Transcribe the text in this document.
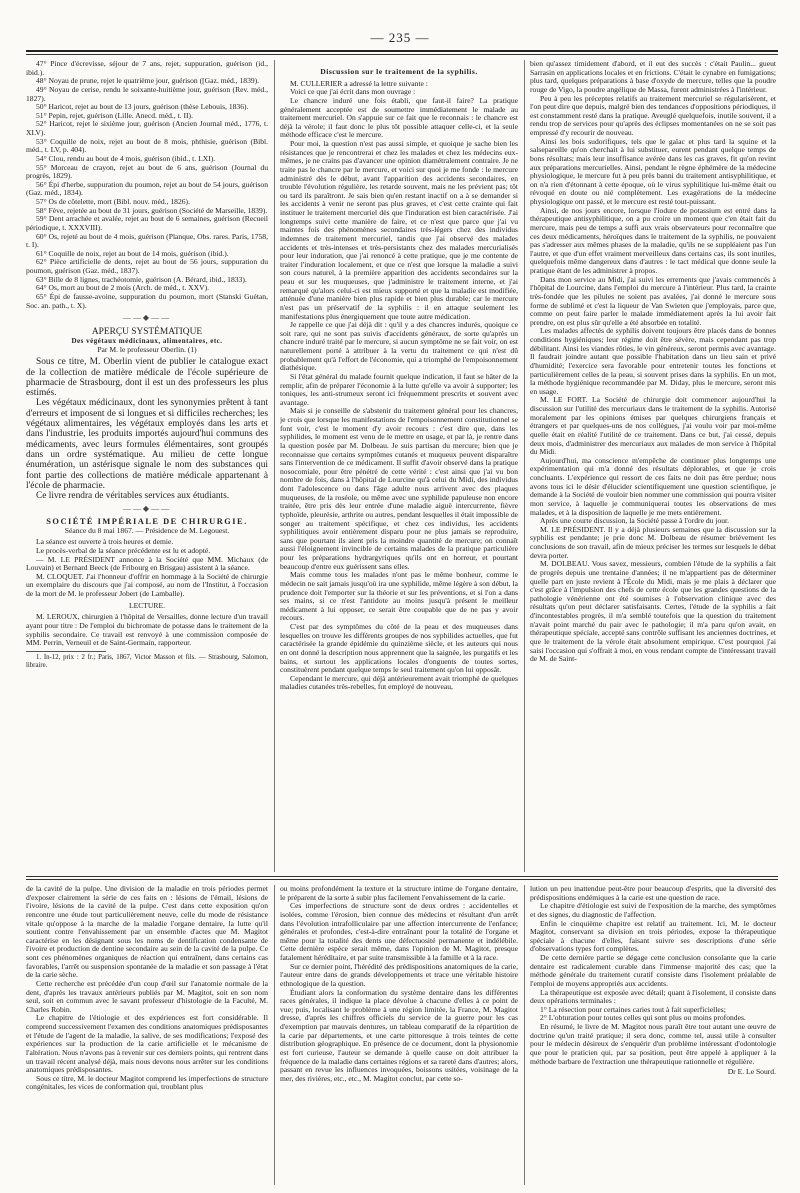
— 235 —

47° Pince d'écrevisse, séjour de 7 ans, rejet, suppuration, guérison (id., ibid.).

48° Noyau de prune, rejet le quatrième jour, guérison ([Gaz. méd., 1839).

49° Noyau de cerise, rendu le soixante-huitième jour, guérison (Rev. méd., 1827).

50° Haricot, rejet au bout de 13 jours, guérison (thèse Lebouis, 1836).

51° Pepin, rejet, guérison (Lille. Anecd. méd., t. II).

52° Haricot, rejet le sixième jour, guérison (Ancien Journal méd., 1776, t. XLV).

53° Coquille de noix, rejet au bout de 8 mois, phthisie, guérison (Bibl. méd., t. LV, p. 404).

54° Clou, rendu au bout de 4 mois, guérison (ibid., t. LXI).

55° Morceau de crayon, rejet au bout de 6 ans, guérison (Journal du progrès, 1829).

56° Épi d'herbe, suppuration du poumon, rejet au bout de 54 jours, guérison (Gaz. méd., 1834).

57° Os de côtelette, mort (Bibl. nouv. méd., 1826).

58° Fève, rejetée au bout de 31 jours, guérison (Société de Marseille, 1839).

59° Dent arrachée et avalée, rejet au bout de 6 semaines, guérison (Recueil périodique, t. XXXVIII).

60° Os, rejeté au bout de 4 mois, guérison (Planque, Obs. rares. Paris, 1758, t. I).

61° Coquille de noix, rejet au bout de 14 mois, guérison (ibid.).

62° Pièce artificielle de dents, rejet au bout de 56 jours, suppuration du poumon, guérison (Gaz. méd., 1837).

63° Bille de 8 lignes, trachéotomie, guérison (A. Bérard, ibid., 1833).

64° Os, mort au bout de 2 mois (Arch. de méd., t. XXV).

65° Épi de fausse-avoine, suppuration du poumon, mort (Stanski Guétan, Soc. an. path., t. X).

——◆——

APERÇU SYSTÉMATIQUE

Des végétaux médicinaux, alimentaires, etc.

Par M. le professeur Oberlin. (1)

Sous ce titre, M. Oberlin vient de publier le catalogue exact de la collection de matière médicale de l'école supérieure de pharmacie de Strasbourg, dont il est un des professeurs les plus estimés.

Les végétaux médicinaux, dont les synonymies prêtent à tant d'erreurs et imposent de si longues et si difficiles recherches; les végétaux alimentaires, les végétaux employés dans les arts et dans l'industrie, les produits importés aujourd'hui communs des médicaments, avec leurs formules élémentaires, sont groupés dans un ordre systématique. Au milieu de cette longue énumération, un astérisque signale le nom des substances qui font partie des collections de matière médicale appartenant à l'école de pharmacie.

Ce livre rendra de véritables services aux étudiants.

——◆——

SOCIÉTÉ IMPÉRIALE DE CHIRURGIE.

Séance du 8 mai 1867. — Présidence de M. Legouest.

La séance est ouverte à trois heures et demie.

Le procès-verbal de la séance précédente est lu et adopté.

— M. LE PRÉSIDENT annonce à la Société que MM. Michaux (de Louvain) et Bernard Beeck (de Fribourg en Brisgau) assistent à la séance.

M. CLOQUET. J'ai l'honneur d'offrir en hommage à la Société de chirurgie un exemplaire du discours que j'ai composé, au nom de l'Institut, à l'occasion de la mort de M. le professeur Jobert (de Lamballe).

LECTURE.

M. LEROUX, chirurgien à l'hôpital de Versailles, donne lecture d'un travail ayant pour titre : De l'emploi du bichromate de potasse dans le traitement de la syphilis secondaire. Ce travail est renvoyé à une commission composée de MM. Perrin, Verneuil et de Saint-Germain, rapporteur.

1. In-12, prix : 2 fr.; Paris, 1867, Victor Masson et fils. — Strasbourg, Salomon, libraire.

Discussion sur le traitement de la syphilis.

M. CULLERIER a adressé la lettre suivante :

Voici ce que j'ai écrit dans mon ouvrage :

Le chancre induré une fois établi, que faut-il faire? La pratique généralement acceptée est de soumettre immédiatement le malade au traitement mercuriel. On s'appuie sur ce fait que le reconnais : le chancre est déjà la vérole; il faut donc le plus tôt possible attaquer celle-ci, et la seule méthode efficace c'est le mercure.

Pour moi, la question n'est pas aussi simple, et quoique je sache bien les résistances que je rencontrerai et chez les malades et chez les médecins eux-mêmes, je ne crains pas d'avancer une opinion diamétralement contraire. Je ne traite pas le chancre par le mercure, et voici sur quoi je me fonde : le mercure administré dès le début, avant l'apparition des accidents secondaires, en trouble l'évolution régulière, les retarde souvent, mais ne les prévient pas; tôt ou tard ils paraîtront. Je sais bien qu'en restant inactif on a à se demander si les accidents à venir ne seront pas plus graves, et c'est cette crainte qui fait instituer le traitement mercuriel dès que l'induration est bien caractérisée. J'ai longtemps suivi cette manière de faire, et ce n'est que parce que j'ai vu maintes fois des phénomènes secondaires très-légers chez des individus indemnes de traitement mercuriel, tandis que j'ai observé des malades accidents et très-intenses et très-persistants chez des malades mercurialisés pour leur induration, que j'ai renoncé à cette pratique, que je me contente de traiter l'induration localement, et que ce n'est que lorsque la maladie a suivi son cours naturel, à la première apparition des accidents secondaires sur la peau et sur les muqueuses, que j'administre le traitement interne, et j'ai remarqué qu'alors celui-ci est mieux supporté et que la maladie est modifiée, atténuée d'une manière bien plus rapide et bien plus durable; car le mercure n'est pas un préservatif de la syphilis : il en attaque seulement les manifestations plus énergiquement que toute autre médication.

Je rappelle ce que j'ai déjà dit : qu'il y a des chancres indurés, quoique ce soit rare, qui ne sont pas suivis d'accidents généraux, de sorte qu'après un chancre induré traité par le mercure, si aucun symptôme ne se fait voir, on est naturellement porté à attribuer à la vertu du traitement ce qui n'est dû probablement qu'à l'effort de l'économie, qui a triomphé de l'empoisonnement diathésique.

Si l'état général du malade fournit quelque indication, il faut se hâter de la remplir, afin de préparer l'économie à la lutte qu'elle va avoir à supporter; les toniques, les anti-strumeux seront ici fréquemment prescrits et souvent avec avantage.

Mais si je conseille de s'abstenir du traitement général pour les chancres, je crois que lorsque les manifestations de l'empoisonnement constitutionnel se font voir, c'est le moment d'y avoir recours : c'est dire que, dans les syphilides, le moment est venu de le mettre en usage, et par là, je rentre dans la question posée par M. Dolbeau. Je suis partisan du mercure; bien que je reconnaisse que certains symptômes cutanés et muqueux peuvent disparaître sans l'intervention de ce médicament. Il suffit d'avoir observé dans la pratique nosocomiale, pour être pénétré de cette vérité : c'est ainsi que j'ai vu bon nombre de fois, dans à l'hôpital de Lourcine qu'à celui du Midi, des individus dont l'adolescence ou dans l'âge adulte nous arrivent avec des plaques muqueuses, de la roséole, ou même avec une syphilide papuleuse non encore traitée, être pris dès leur entrée d'une maladie aiguë intercurrente, fièvre typhoïde, pleurésie, arthrite ou autres, pendant lesquelles il était impossible de songer au traitement spécifique, et chez ces individus, les accidents syphilitiques avoir entièrement disparu pour ne plus jamais se reproduire, sans que pourtant ils aient pris la moindre quantité de mercure; on connaît aussi l'éloignement invincible de certains malades de la pratique particulière pour les préparations hydrargyriques qu'ils ont en horreur, et pourtant beaucoup d'entre eux guérissent sans elles.

Mais comme tous les malades n'ont pas le même bonheur, comme le médecin ne sait jamais jusqu'où ira une syphilide, même légère à son début, la prudence doit l'emporter sur la théorie et sur les préventions, et si l'on a dans ses mains, si ce n'est l'antidote au moins jusqu'à présent le meilleur médicament à lui opposer, ce serait être coupable que de ne pas y avoir recours.

C'est par des symptômes du côté de la peau et des muqueuses dans lesquelles on trouve les différents groupes de nos syphilides actuelles, que fut caractérisée la grande épidémie du quinzième siècle, et les auteurs qui nous en ont donné la description nous apprennent que la saignée, les purgatifs et les bains, et surtout les applications locales d'onguents de toutes sortes, constituèrent pendant quelque temps le seul traitement qu'on lui opposât.

Cependant le mercure, qui déjà antérieurement avait triomphé de quelques maladies cutanées très-rebelles, fut employé de nouveau,

bien qu'assez timidement d'abord, et il eut des succès : c'était Paulin... gueut Sarrasin en applications locales et en frictions. C'était le cynabre en fumigations; plus tard, quelques préparations à base d'oxyde de mercure, telles que la poudre rouge de Vigo, la poudre angélique de Massa, furent administrées à l'intérieur.

Peu à peu les préceptes relatifs au traitement mercuriel se régularisèrent, et l'on peut dire que depuis, malgré bien des tendances d'oppositions périodiques, il est constamment resté dans la pratique. Aveuglé quelquefois, inutile souvent, il a rendu trop de services pour qu'après des éclipses momentanées on ne se soit pas empressé d'y recourir de nouveau.

Ainsi les bois sudorifiques, tels que le gaïac et plus tard la squine et la salsepareille qu'on cherchait à lui substituer, eurent pendant quelque temps de bons résultats; mais leur insuffisance avérée dans les cas graves, fit qu'on revint aux préparations mercurielles. Ainsi, pendant le règne éphémère de la médecine physiologique, le mercure fut à peu près banni du traitement antisyphilitique, et on n'a rien d'étonnant à cette époque, où le virus syphilitique lui-même était ou révoqué en doute ou nié complètement. Les exagérations de la médecine physiologique ont passé, et le mercure est resté tout-puissant.

Ainsi, de nos jours encore, lorsque l'iodure de potassium est entré dans la thérapeutique antisyphilitique, on a pu croire un moment que c'en était fait du mercure, mais peu de temps a suffi aux vrais observateurs pour reconnaître que ces deux médicaments, héroïques dans le traitement de la syphilis, ne pouvaient pas s'adresser aux mêmes phases de la maladie, qu'ils ne se suppléaient pas l'un l'autre, et que d'un effet vraiment merveilleux dans certains cas, ils sont inutiles, quelquefois même dangereux dans d'autres : le tact médical que donne seule la pratique étant de les administrer à propos.

Dans mon service au Midi, j'ai suivi les errements que j'avais commencés à l'hôpital de Lourcine, dans l'emploi du mercure à l'intérieur. Plus tard, la crainte très-fondée que les pilules ne soient pas avalées, j'ai donné le mercure sous forme de sublimé et c'est la liqueur de Van Swieten que j'employais, parce que, comme on peut faire parler le malade immédiatement après la lui avoir fait prendre, on est plus sûr qu'elle a été absorbée en totalité.

Les malades affectés de syphilis doivent toujours être placés dans de bonnes conditions hygiéniques; leur régime doit être sévère, mais cependant pas trop débilitant. Ainsi les viandes rôties, le vin généreux, seront permis avec avantage. Il faudrait joindre autant que possible l'habitation dans un lieu sain et privé d'humidité; l'exercice sera favorable pour entretenir toutes les fonctions et particulièrement celles de la peau, si souvent prises dans la syphilis. En un mot, la méthode hygiénique recommandée par M. Diday, plus le mercure, seront mis en usage.

M. LE FORT. La Société de chirurgie doit commencer aujourd'hui la discussion sur l'utilité des mercuriaux dans le traitement de la syphilis. Autorisé moralement par les opinions émises par quelques chirurgiens français et étrangers et par quelques-uns de nos collègues, j'ai voulu voir par moi-même quelle était en réalité l'utilité de ce traitement. Dans ce but, j'ai cessé, depuis deux mois, d'administrer des mercuriaux aux malades de mon service à l'hôpital du Midi.

Aujourd'hui, ma conscience m'empêche de continuer plus longtemps une expérimentation qui m'a donné des résultats déplorables, et que je crois concluants. L'expérience qui ressort de ces faits ne doit pas être perdue; nous avons tous ici le désir d'élucider scientifiquement une question scientifique, je demande à la Société de vouloir bien nommer une commission qui pourra visiter mon service, à laquelle je communiquerai toutes les observations de mes malades, et à la disposition de laquelle je me mets entièrement.

Après une courte discussion, la Société passe à l'ordre du jour.

M. LE PRÉSIDENT. Il y a déjà plusieurs semaines que la discussion sur la syphilis est pendante; je prie donc M. Dolbeau de résumer brièvement les conclusions de son travail, afin de mieux préciser les termes sur lesquels le débat devra porter.

M. DOLBEAU. Vous savez, messieurs, combien l'étude de la syphilis a fait de progrès depuis une trentaine d'années; il ne m'appartient pas de déterminer quelle part en juste revient à l'École du Midi, mais je me plais à déclarer que c'est grâce à l'impulsion des chefs de cette école que les grandes questions de la pathologie vénérienne ont été soumises à l'observation clinique avec des résultats qu'on peut déclarer satisfaisants. Certes, l'étude de la syphilis a fait d'incontestables progrès, il m'a semblé toutefois que la question du traitement n'avait point marché du pair avec le pathologie; il m'a paru qu'on avait, en thérapeutique spéciale, accepté sans contrôle suffisant les anciennes doctrines, et que le traitement de la vérole était absolument empirique. C'est pourquoi j'ai saisi l'occasion qui s'offrait à moi, en vous rendant compte de l'intéressant travail de M. de Saint-

de la cavité de la pulpe. Une division de la maladie en trois périodes permet d'exposer clairement la série de ces faits en : lésions de l'émail, lésions de l'ivoire, lésions de la cavité de la pulpe. C'est dans cette exposition qu'on rencontre une étude tout particulièrement neuve, celle du mode de résistance vitale qu'oppose à la marche de la maladie l'organe dentaire, la lutte qu'il soutient contre l'envahissement par un ensemble d'actes que M. Magitot caractérise en les désignant sous les noms de dentification condensante de l'ivoire et production de dentine secondaire au sein de la cavité de la pulpe. Ce sont ces phénomènes organiques de réaction qui entraînent, dans certains cas favorables, l'arrêt ou suspension spontanée de la maladie et son passage à l'état de la carie sèche.

Cette recherche est précédée d'un coup d'œil sur l'anatomie normale de la dent, d'après les travaux antérieurs publiés par M. Magitot, soit en son nom seul, soit en commun avec le savant professeur d'histologie de la Faculté, M. Charles Robin.

Le chapitre de l'étiologie et des expériences est fort considérable. Il comprend successivement l'examen des conditions anatomiques prédisposantes et l'étude de l'agent de la maladie, la salive, de ses modifications; l'exposé des expériences sur la production de la carie artificielle et le mécanisme de l'altération. Nous n'avons pas à revenir sur ces derniers points, qui rentrent dans un travail récent analysé déjà, mais nous devons nous arrêter sur les conditions anatomiques prédisposantes.

Sous ce titre, M. le docteur Magitot comprend les imperfections de structure congénitales, les vices de conformation qui, troublant plus

ou moins profondément la texture et la structure intime de l'organe dentaire, le préparent de la sorte à subir plus facilement l'envahissement de la carie.

Ces imperfections de structure sont de deux ordres : accidentelles et isolées, comme l'érosion, bien connue des médecins et résultant d'un arrêt dans l'évolution intrafolliculaire par une affection intercurrente de l'enfance; générales et profondes, c'est-à-dire entraînant pour la totalité de l'organe et même pour la totalité des dents une défectuosité permanente et indélébile. Cette dernière espèce serait même, dans l'opinion de M. Magitot, presque fatalement héréditaire, et par suite transmissible à la famille et à la race.

Sur ce dernier point, l'hérédité des prédispositions anatomiques de la carie, l'auteur entre dans de grands développements et trace une véritable histoire ethnologique de la question.

Étudiant alors la conformation du système dentaire dans les différentes races générales, il indique la place dévolue à chacune d'elles à ce point de vue; puis, localisant le problème à une région limitée, la France, M. Magitot dresse, d'après les chiffres officiels du service de la guerre pour les cas d'exemption par mauvais dentures, un tableau comparatif de la répartition de la carie par départements, et une carte pittoresque à trois teintes de cette distribution géographique. En présence de ce document, dont la physionomie est fort curieuse, l'auteur se demande à quelle cause on doit attribuer la fréquence de la maladie dans certaines régions et sa rareté dans d'autres; alors, passant en revue les influences invoquées, boissons usitées, voisinage de la mer, des rivières, etc., etc., M. Magitot conclut, par cette so-

lution un peu inattendue peut-être pour beaucoup d'esprits, que la diversité des prédispositions endémiques à la carie est une question de race.

Le chapitre d'étiologie est suivi de l'exposition de la marche, des symptômes et des signes, du diagnostic de l'affection.

Enfin le cinquième chapitre est relatif au traitement. Ici, M. le docteur Magitot, conservant sa division en trois périodes, expose la thérapeutique spéciale à chacune d'elles, faisant suivre ses descriptions d'une série d'observations types fort complètes.

De cette dernière partie se dégage cette conclusion consolante que la carie dentaire est radicalement curable dans l'immense majorité des cas; que la méthode générale du traitement curatif consiste dans l'isolement préalable de l'emploi de moyens appropriés aux accidents.

La thérapeutique est exposée avec détail; quant à l'isolement, il consiste dans deux opérations terminales :

1° La résection pour certaines caries tout à fait superficielles;

2° L'obturation pour toutes celles qui sont plus ou moins profondes.

En résumé, le livre de M. Magitot nous paraît être tout autant une œuvre de doctrine qu'un traité pratique; il sera donc, comme tel, aussi utile à consulter pour le médecin désireux de s'enquérir d'un problème intéressant d'odontologie que pour le praticien qui, par sa position, peut être appelé à appliquer à la méthode barbare de l'extraction une thérapeutique rationnelle et régulière.

Dr E. Le Sourd.
